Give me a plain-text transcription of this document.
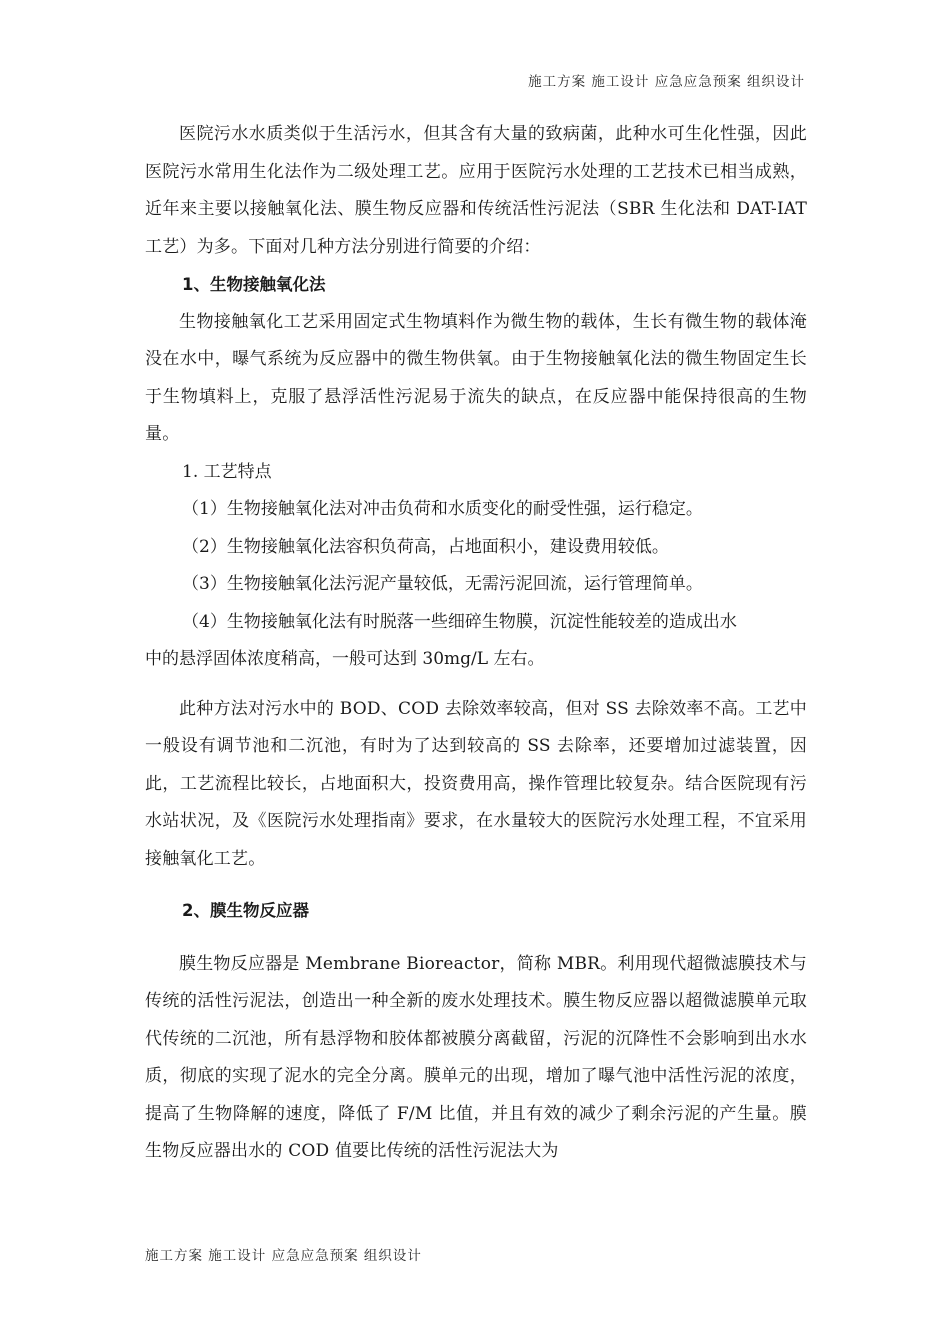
施工方案 施工设计 应急应急预案 组织设计

医院污水水质类似于生活污水，但其含有大量的致病菌，此种水可生化性强，因此医院污水常用生化法作为二级处理工艺。应用于医院污水处理的工艺技术已相当成熟，近年来主要以接触氧化法、膜生物反应器和传统活性污泥法（SBR 生化法和 DAT-IAT 工艺）为多。下面对几种方法分别进行简要的介绍：

1、生物接触氧化法

生物接触氧化工艺采用固定式生物填料作为微生物的载体，生长有微生物的载体淹没在水中，曝气系统为反应器中的微生物供氧。由于生物接触氧化法的微生物固定生长于生物填料上，克服了悬浮活性污泥易于流失的缺点，在反应器中能保持很高的生物量。

1. 工艺特点

（1）生物接触氧化法对冲击负荷和水质变化的耐受性强，运行稳定。

（2）生物接触氧化法容积负荷高，占地面积小，建设费用较低。

（3）生物接触氧化法污泥产量较低，无需污泥回流，运行管理简单。

（4）生物接触氧化法有时脱落一些细碎生物膜，沉淀性能较差的造成出水

中的悬浮固体浓度稍高，一般可达到 30mg/L 左右。

此种方法对污水中的 BOD、COD 去除效率较高，但对 SS 去除效率不高。工艺中一般设有调节池和二沉池，有时为了达到较高的 SS 去除率，还要增加过滤装置，因此，工艺流程比较长，占地面积大，投资费用高，操作管理比较复杂。结合医院现有污水站状况，及《医院污水处理指南》要求，在水量较大的医院污水处理工程，不宜采用接触氧化工艺。

2、膜生物反应器

膜生物反应器是 Membrane Bioreactor，简称 MBR。利用现代超微滤膜技术与传统的活性污泥法，创造出一种全新的废水处理技术。膜生物反应器以超微滤膜单元取代传统的二沉池，所有悬浮物和胶体都被膜分离截留，污泥的沉降性不会影响到出水水质，彻底的实现了泥水的完全分离。膜单元的出现，增加了曝气池中活性污泥的浓度，提高了生物降解的速度，降低了 F/M 比值，并且有效的减少了剩余污泥的产生量。膜生物反应器出水的 COD 值要比传统的活性污泥法大为

施工方案 施工设计 应急应急预案 组织设计
